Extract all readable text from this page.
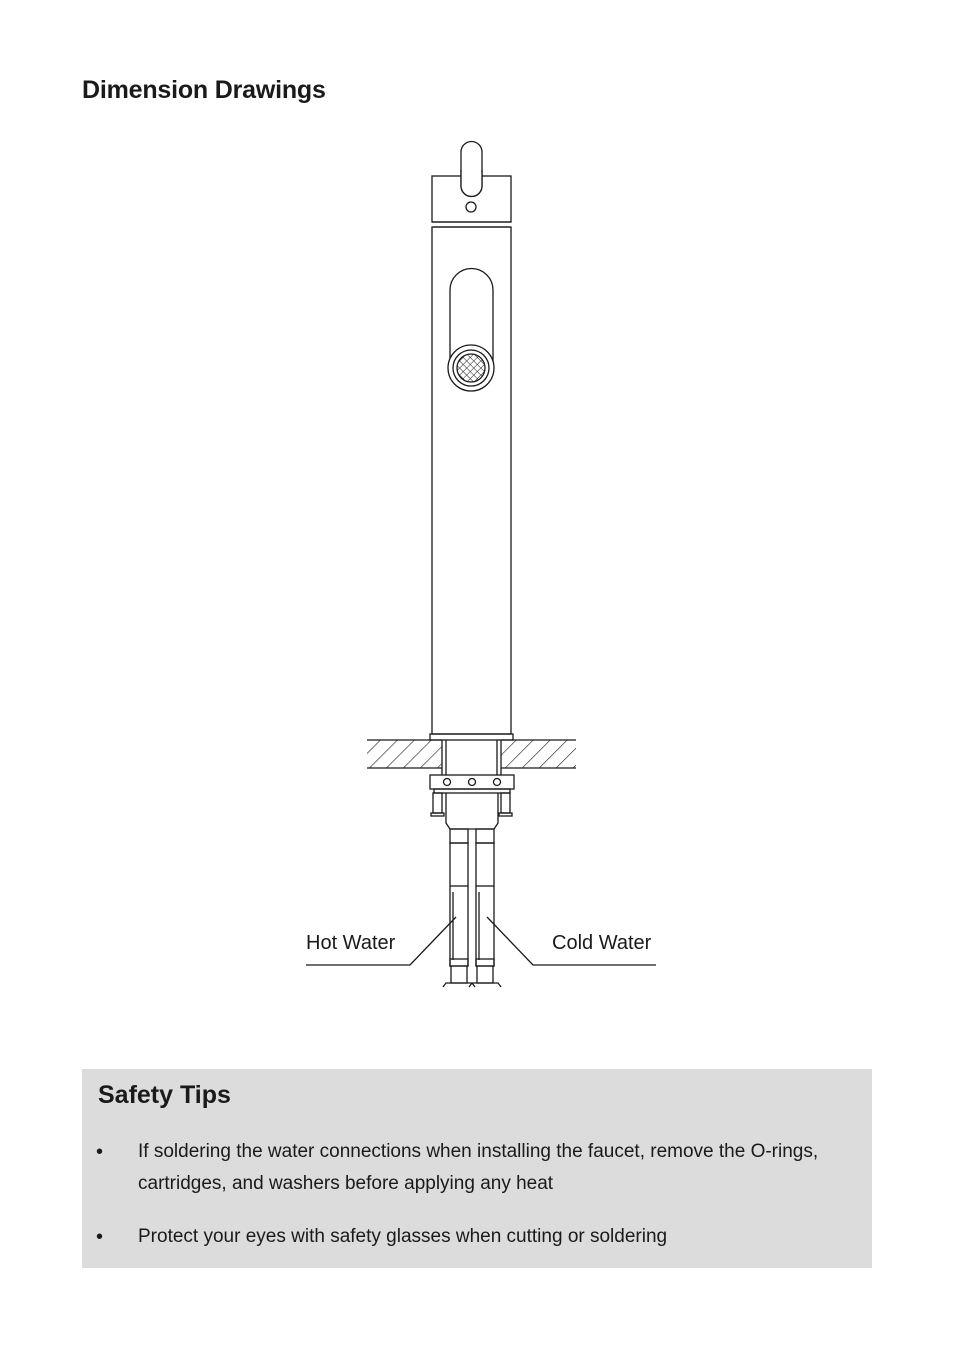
Dimension Drawings
Hot Water	Cold Water
Safety Tips
• If soldering the water connections when installing the faucet, remove the O-rings, cartridges, and washers before applying any heat
• Protect your eyes with safety glasses when cutting or soldering
